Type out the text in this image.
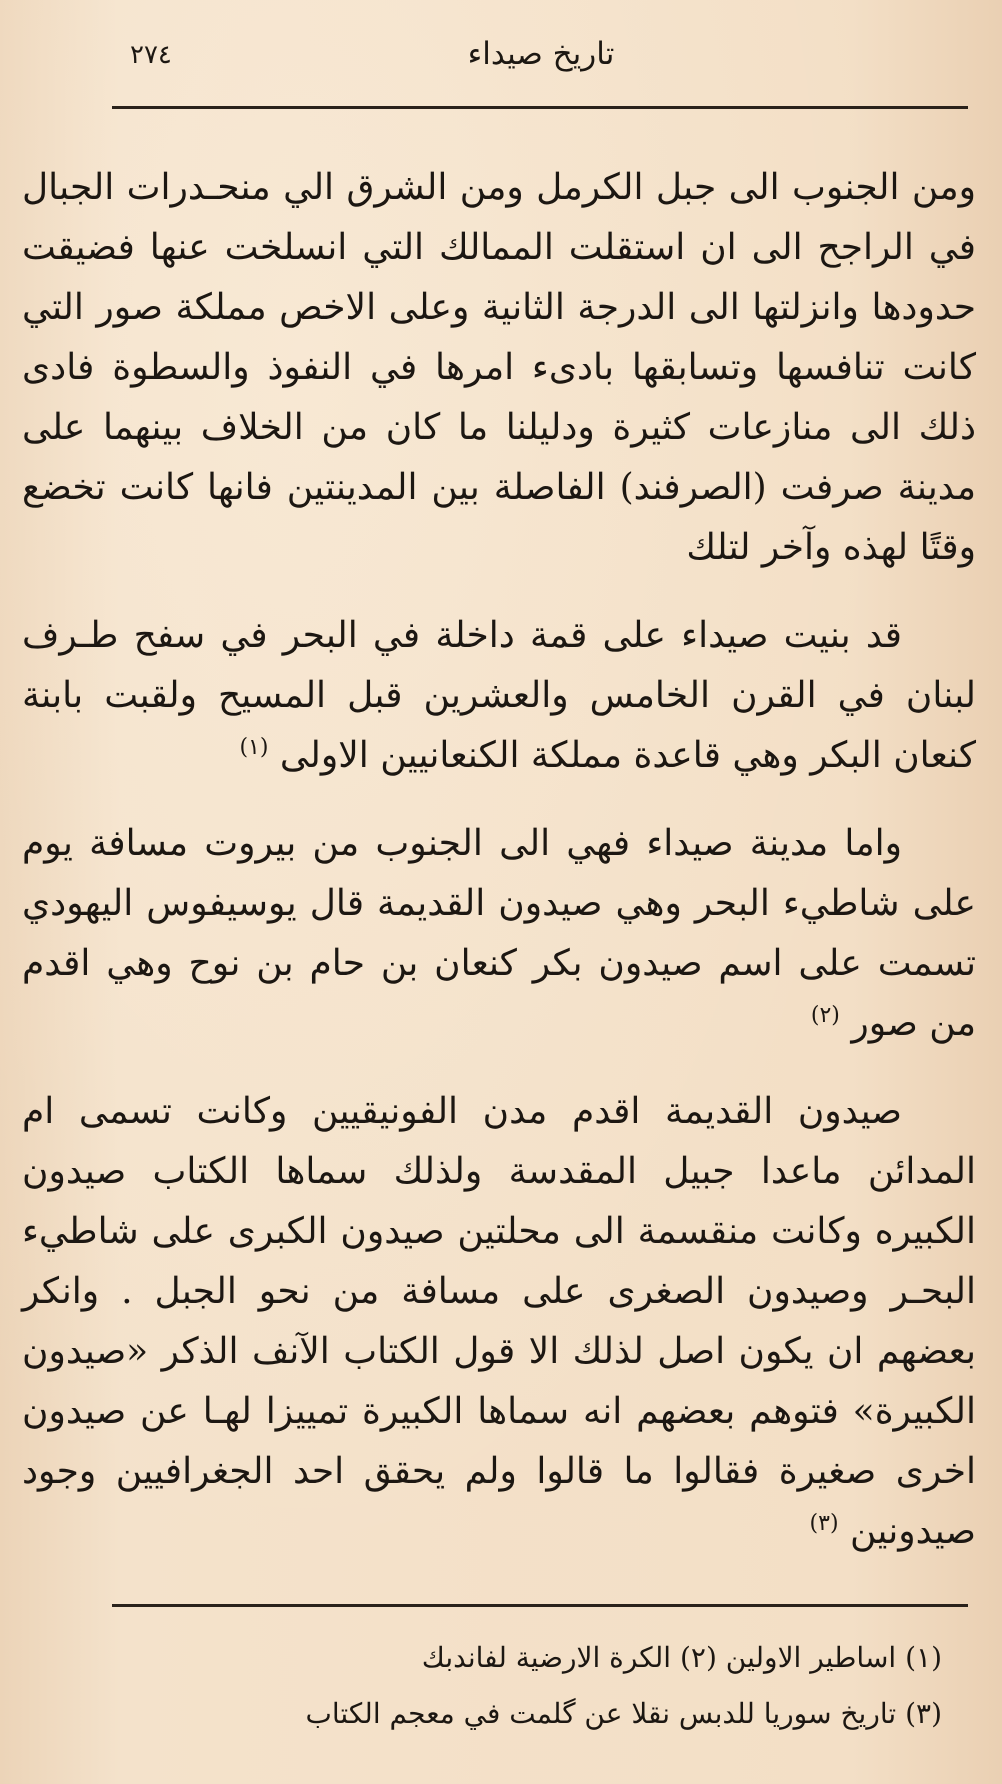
٢٧٤	تاريخ صيداء

ومن الجنوب الى جبل الكرمل ومن الشرق الي منحـدرات الجبال في الراجح الى ان استقلت الممالك التي انسلخت عنها فضيقت حدودها وانزلتها الى الدرجة الثانية وعلى الاخص مملكة صور التي كانت تنافسها وتسابقها بادىء امرها في النفوذ والسطوة فادى ذلك الى منازعات كثيرة ودليلنا ما كان من الخلاف بينهما على مدينة صرفت (الصرفند) الفاصلة بين المدينتين فانها كانت تخضع وقتًا لهذه وآخر لتلك

قد بنيت صيداء على قمة داخلة في البحر في سفح طـرف لبنان في القرن الخامس والعشرين قبل المسيح ولقبت بابنة كنعان البكر وهي قاعدة مملكة الكنعانيين الاولى $^{(١)}$

واما مدينة صيداء فهي الى الجنوب من بيروت مسافة يوم على شاطيء البحر وهي صيدون القديمة قال يوسيفوس اليهودي تسمت على اسم صيدون بكر كنعان بن حام بن نوح وهي اقدم من صور $^{(٢)}$

صيدون القديمة اقدم مدن الفونيقيين وكانت تسمى ام المدائن ماعدا جبيل المقدسة ولذلك سماها الكتاب صيدون الكبيره وكانت منقسمة الى محلتين صيدون الكبرى على شاطيء البحـر وصيدون الصغرى على مسافة من نحو الجبل . وانكر بعضهم ان يكون اصل لذلك الا قول الكتاب الآنف الذكر «صيدون الكبيرة» فتوهم بعضهم انه سماها الكبيرة تمييزا لهـا عن صيدون اخرى صغيرة فقالوا ما قالوا ولم يحقق احد الجغرافيين وجود صيدونين $^{(٣)}$

(١) اساطير الاولين (٢) الكرة الارضية لفاندبك
(٣) تاريخ سوريا للدبس نقلا عن گلمت في معجم الكتاب
